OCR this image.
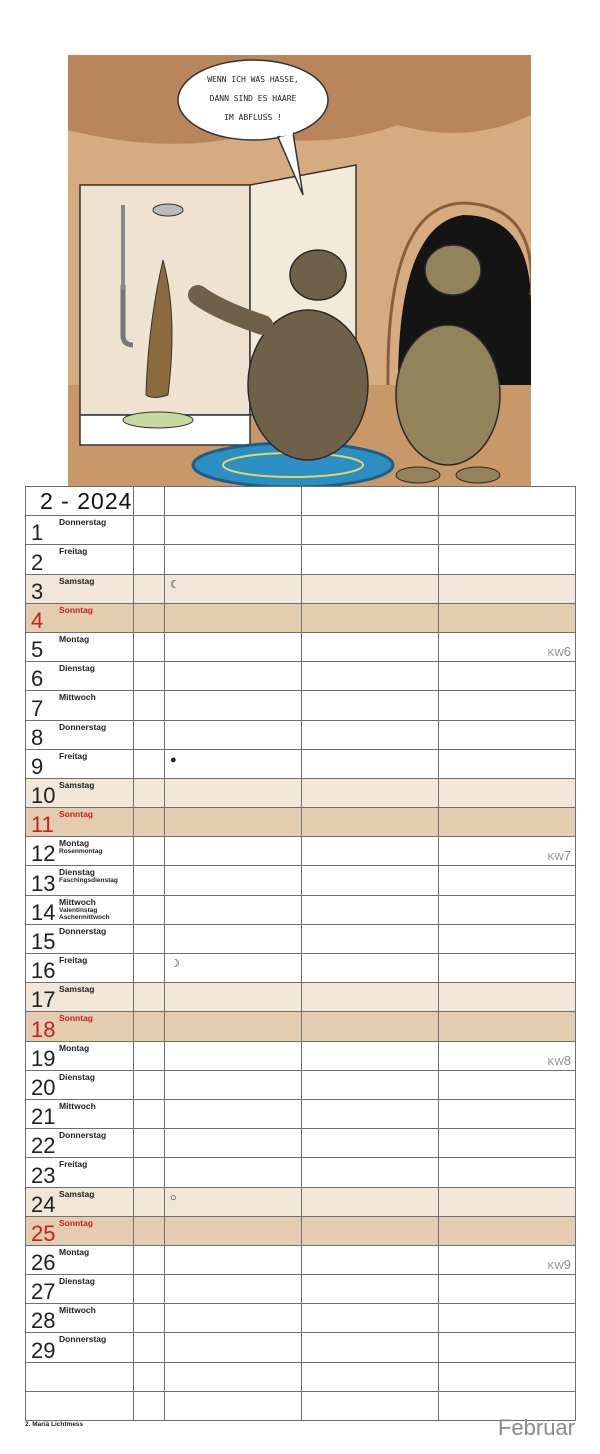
WENN ICH WAS HASSE,
DANN SIND ES HAARE
IM ABFLUSS !
2 - 2024				

1 Donnerstag				

2 Freitag				

3 Samstag		☾		

4 Sonntag				

5 Montag				KW6

6 Dienstag				

7 Mittwoch				

8 Donnerstag				

9 Freitag		●		

10 Samstag				

11 Sonntag				

12 Montag
Rosenmontag				KW7

13 Dienstag
Faschingsdienstag				

14 Mittwoch
Valentinstag Aschermittwoch				

15 Donnerstag				

16 Freitag		☽		

17 Samstag				

18 Sonntag				

19 Montag				KW8

20 Dienstag				

21 Mittwoch				

22 Donnerstag				

23 Freitag				

24 Samstag		○		

25 Sonntag				

26 Montag				KW9

27 Dienstag				

28 Mittwoch				

29 Donnerstag				

2. Mariä Lichtmess	Februar
